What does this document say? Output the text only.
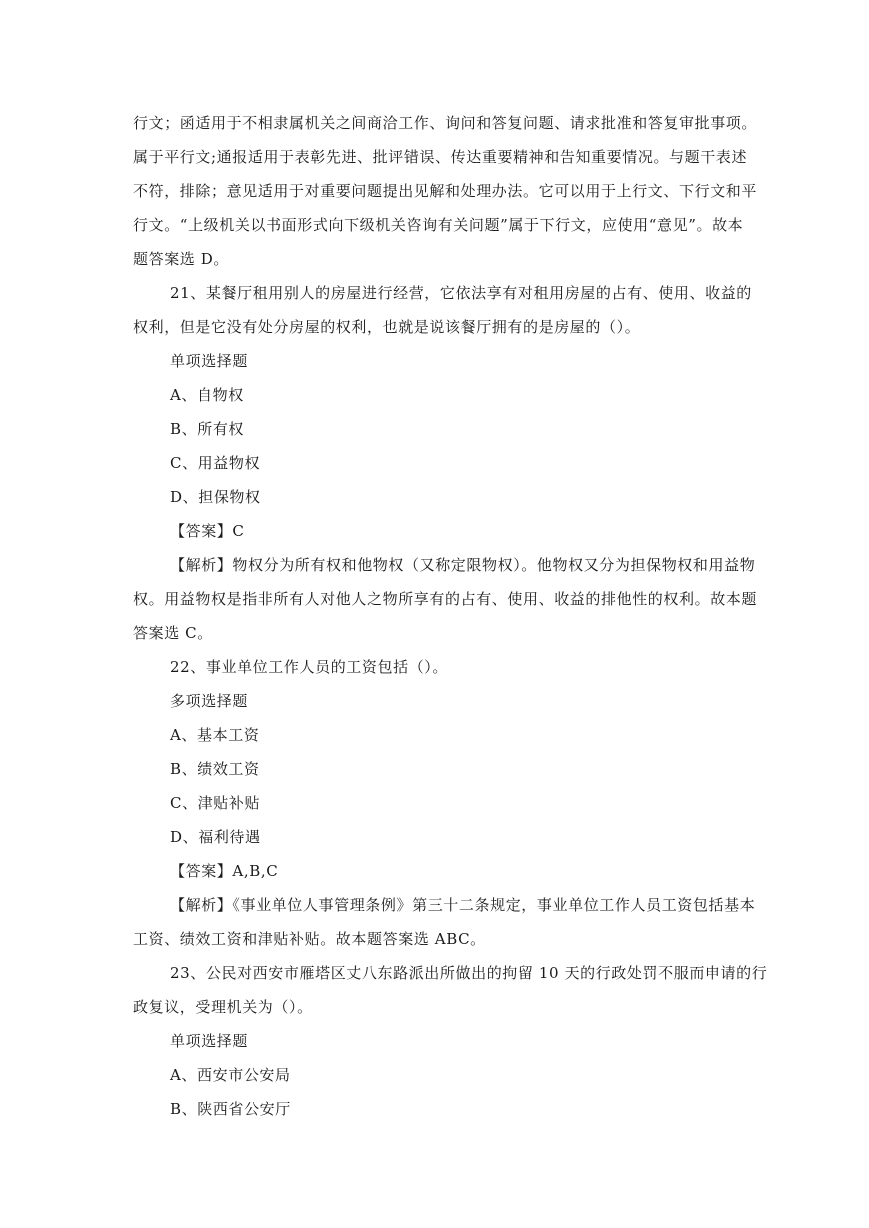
行文；函适用于不相隶属机关之间商洽工作、询问和答复问题、请求批准和答复审批事项。
属于平行文;通报适用于表彰先进、批评错误、传达重要精神和告知重要情况。与题干表述
不符，排除；意见适用于对重要问题提出见解和处理办法。它可以用于上行文、下行文和平
行文。“上级机关以书面形式向下级机关咨询有关问题”属于下行文，应使用“意见”。故本
题答案选 D。
21、某餐厅租用别人的房屋进行经营，它依法享有对租用房屋的占有、使用、收益的
权利，但是它没有处分房屋的权利，也就是说该餐厅拥有的是房屋的（）。
单项选择题
A、自物权
B、所有权
C、用益物权
D、担保物权
【答案】C
【解析】物权分为所有权和他物权（又称定限物权）。他物权又分为担保物权和用益物
权。用益物权是指非所有人对他人之物所享有的占有、使用、收益的排他性的权利。故本题
答案选 C。
22、事业单位工作人员的工资包括（）。
多项选择题
A、基本工资
B、绩效工资
C、津贴补贴
D、福利待遇
【答案】A,B,C
【解析】《事业单位人事管理条例》第三十二条规定，事业单位工作人员工资包括基本
工资、绩效工资和津贴补贴。故本题答案选 ABC。
23、公民对西安市雁塔区丈八东路派出所做出的拘留 10 天的行政处罚不服而申请的行
政复议，受理机关为（）。
单项选择题
A、西安市公安局
B、陕西省公安厅
